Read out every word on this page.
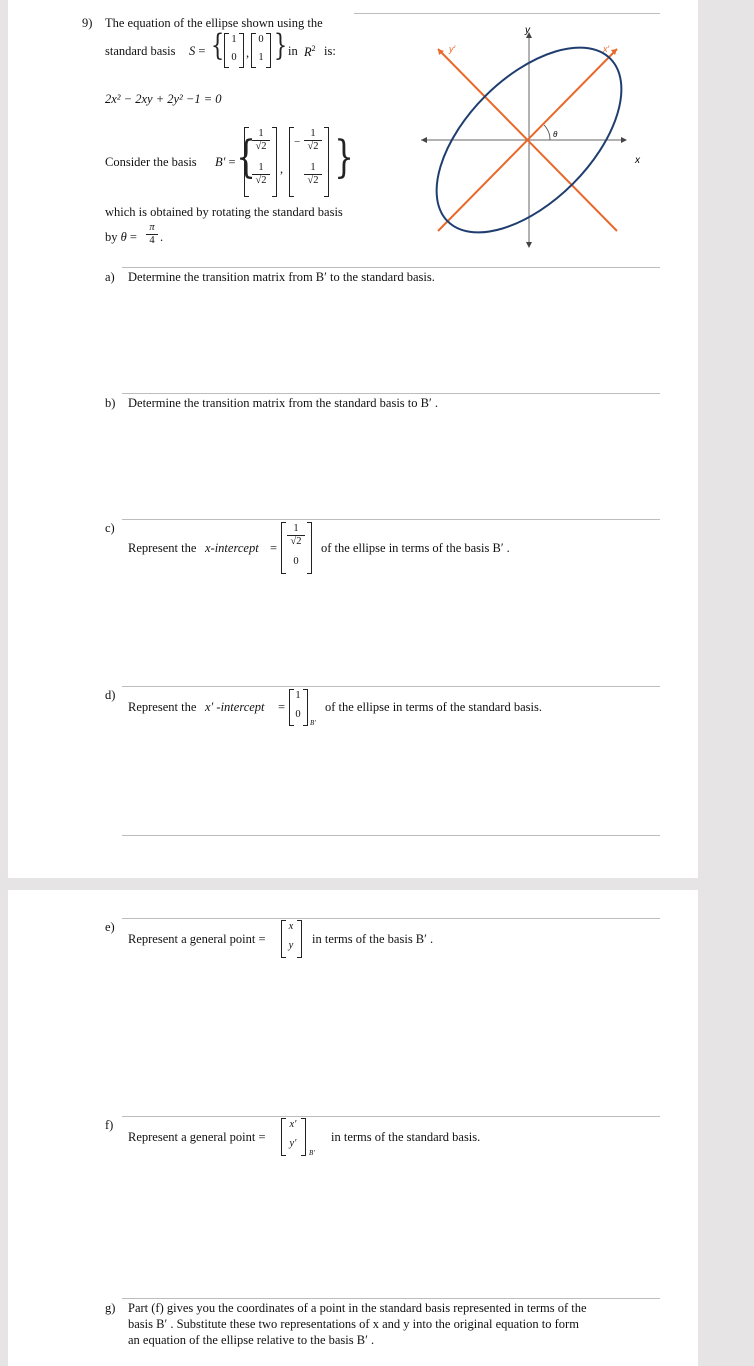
9) The equation of the ellipse shown using the
standard basis S = { 1
0 ,
0
1 } in $R^2$ is:
2x² − 2xy + 2y² −1 = 0
Consider the basis B′ = {
$\frac{1}{√2}$
$\frac{1}{√2}$ ,
− $\frac{1}{√2}$
$\frac{1}{√2}$ }
which is obtained by rotating the standard basis
by $\theta = \frac{\pi}{4}$ .
y
x
y′	x′
θ
a) Determine the transition matrix from B′ to the standard basis.
b) Determine the transition matrix from the standard basis to B′ .
c)
Represent the x-intercept = $\frac{1}{√2}$
0
of the ellipse in terms of the basis B′ .
d)
Represent the x′ -intercept =
1
0
B′
of the ellipse in terms of the standard basis.
e)
Represent a general point =
x
y in terms of the basis B′ .
f)
Represent a general point =
x′
y′
B′
in terms of the standard basis.
g) Part (f) gives you the coordinates of a point in the standard basis represented in terms of the
basis B′ . Substitute these two representations of x and y into the original equation to form
an equation of the ellipse relative to the basis B′ .
